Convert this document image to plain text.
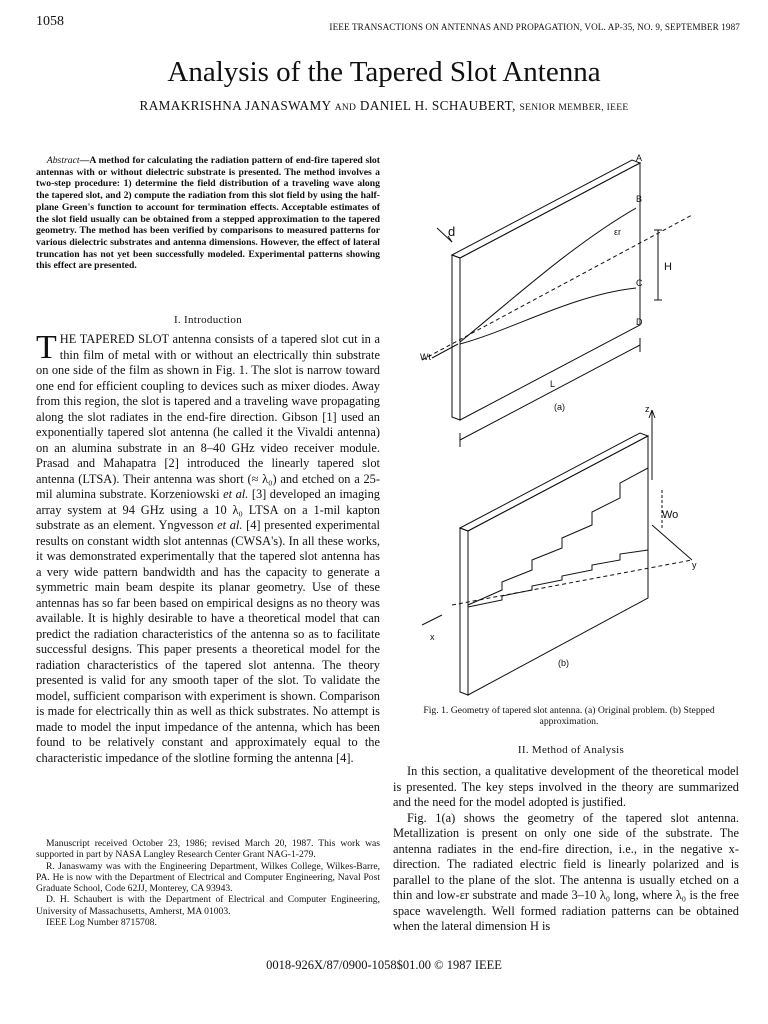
1058	IEEE TRANSACTIONS ON ANTENNAS AND PROPAGATION, VOL. AP-35, NO. 9, SEPTEMBER 1987
Analysis of the Tapered Slot Antenna
RAMAKRISHNA JANASWAMY AND DANIEL H. SCHAUBERT, SENIOR MEMBER, IEEE
Abstract—A method for calculating the radiation pattern of end-fire tapered slot antennas with or without dielectric substrate is presented. The method involves a two-step procedure: 1) determine the field distribution of a traveling wave along the tapered slot, and 2) compute the radiation from this slot field by using the half-plane Green's function to account for termination effects. Acceptable estimates of the slot field usually can be obtained from a stepped approximation to the tapered geometry. The method has been verified by comparisons to measured patterns for various dielectric substrates and antenna dimensions. However, the effect of lateral truncation has not yet been successfully modeled. Experimental patterns showing this effect are presented.
I. Introduction
THE TAPERED SLOT antenna consists of a tapered slot cut in a thin film of metal with or without an electrically thin substrate on one side of the film as shown in Fig. 1. The slot is narrow toward one end for efficient coupling to devices such as mixer diodes. Away from this region, the slot is tapered and a traveling wave propagating along the slot radiates in the end-fire direction. Gibson [1] used an exponentially tapered slot antenna (he called it the Vivaldi antenna) on an alumina substrate in an 8–40 GHz video receiver module. Prasad and Mahapatra [2] introduced the linearly tapered slot antenna (LTSA). Their antenna was short (≈ λ₀) and etched on a 25-mil alumina substrate. Korzeniowski et al. [3] developed an imaging array system at 94 GHz using a 10 λ₀ LTSA on a 1-mil kapton substrate as an element. Yngvesson et al. [4] presented experimental results on constant width slot antennas (CWSA's). In all these works, it was demonstrated experimentally that the tapered slot antenna has a very wide pattern bandwidth and has the capacity to generate a symmetric main beam despite its planar geometry. Use of these antennas has so far been based on empirical designs as no theory was available. It is highly desirable to have a theoretical model that can predict the radiation characteristics of the antenna so as to facilitate successful designs. This paper presents a theoretical model for the radiation characteristics of the tapered slot antenna. The theory presented is valid for any smooth taper of the slot. To validate the model, sufficient comparison with experiment is shown. Comparison is made for electrically thin as well as thick substrates. No attempt is made to model the input impedance of the antenna, which has been found to be relatively constant and approximately equal to the characteristic impedance of the slotline forming the antenna [4].

Manuscript received October 23, 1986; revised March 20, 1987. This work was supported in part by NASA Langley Research Center Grant NAG-1-279.

R. Janaswamy was with the Engineering Department, Wilkes College, Wilkes-Barre, PA. He is now with the Department of Electrical and Computer Engineering, Naval Post Graduate School, Code 62JJ, Monterey, CA 93943.

D. H. Schaubert is with the Department of Electrical and Computer Engineering, University of Massachusetts, Amherst, MA 01003.

IEEE Log Number 8715708.

A
B
C
D
d	εr
H
Wt
L
(a)	z
Wo
y
x
(b)
Fig. 1. Geometry of tapered slot antenna. (a) Original problem. (b) Stepped approximation.
II. Method of Analysis

In this section, a qualitative development of the theoretical model is presented. The key steps involved in the theory are summarized and the need for the model adopted is justified.

Fig. 1(a) shows the geometry of the tapered slot antenna. Metallization is present on only one side of the substrate. The antenna radiates in the end-fire direction, i.e., in the negative x-direction. The radiated electric field is linearly polarized and is parallel to the plane of the slot. The antenna is usually etched on a thin and low-εr substrate and made 3–10 λ₀ long, where λ₀ is the free space wavelength. Well formed radiation patterns can be obtained when the lateral dimension H is

0018-926X/87/0900-1058$01.00 © 1987 IEEE
